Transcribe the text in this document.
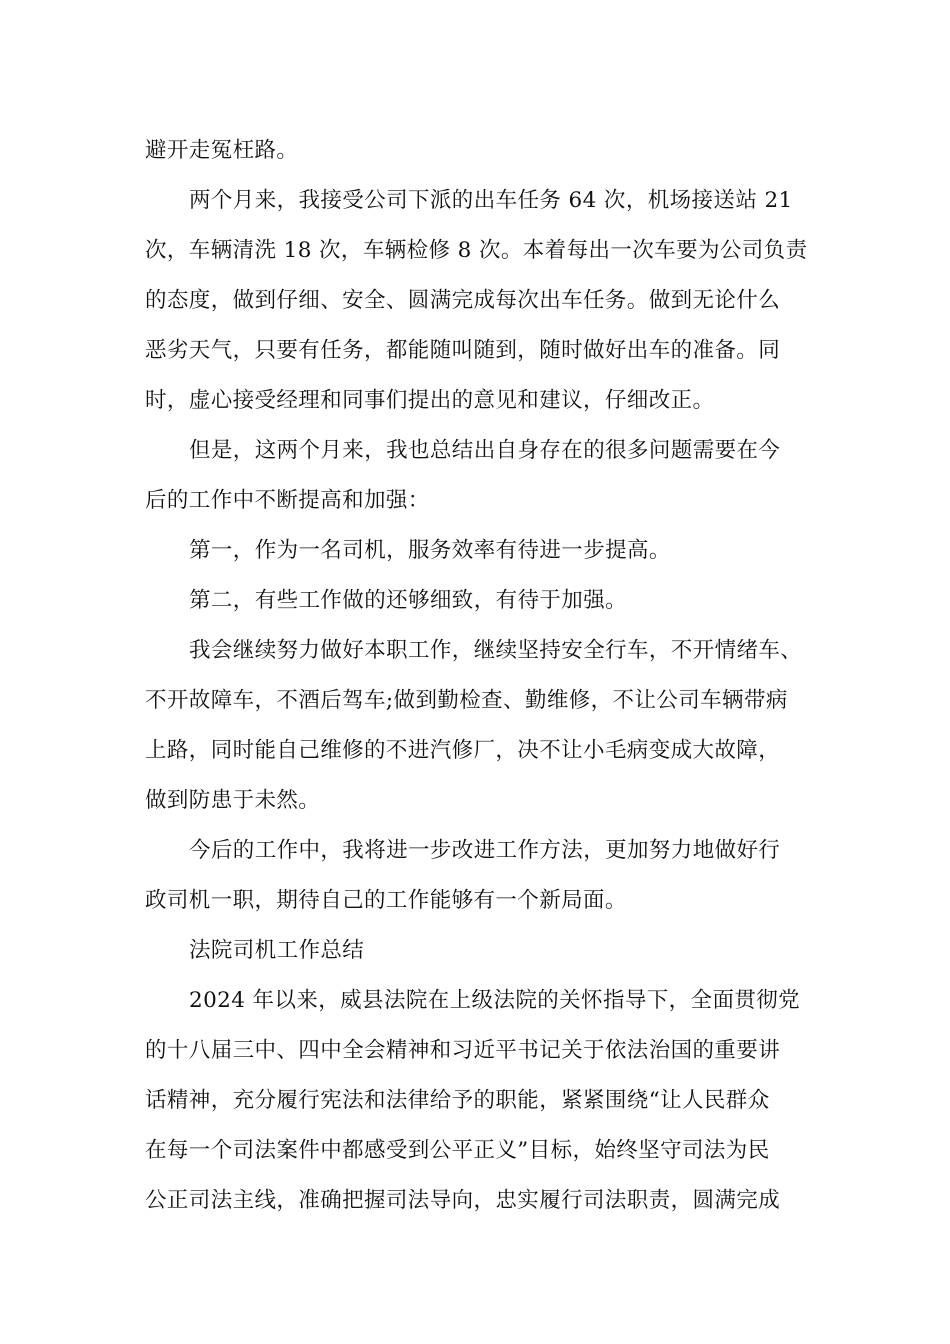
避开走冤枉路。

两个月来，我接受公司下派的出车任务 64 次，机场接送站 21

次，车辆清洗 18 次，车辆检修 8 次。本着每出一次车要为公司负责

的态度，做到仔细、安全、圆满完成每次出车任务。做到无论什么

恶劣天气，只要有任务，都能随叫随到，随时做好出车的准备。同

时，虚心接受经理和同事们提出的意见和建议，仔细改正。

但是，这两个月来，我也总结出自身存在的很多问题需要在今

后的工作中不断提高和加强：

第一，作为一名司机，服务效率有待进一步提高。

第二，有些工作做的还够细致，有待于加强。

我会继续努力做好本职工作，继续坚持安全行车，不开情绪车、

不开故障车，不酒后驾车;做到勤检查、勤维修，不让公司车辆带病

上路，同时能自己维修的不进汽修厂，决不让小毛病变成大故障，

做到防患于未然。

今后的工作中，我将进一步改进工作方法，更加努力地做好行

政司机一职，期待自己的工作能够有一个新局面。

法院司机工作总结

2024 年以来，威县法院在上级法院的关怀指导下，全面贯彻党

的十八届三中、四中全会精神和习近平书记关于依法治国的重要讲

话精神，充分履行宪法和法律给予的职能，紧紧围绕“让人民群众

在每一个司法案件中都感受到公平正义”目标，始终坚守司法为民

公正司法主线，准确把握司法导向，忠实履行司法职责，圆满完成
